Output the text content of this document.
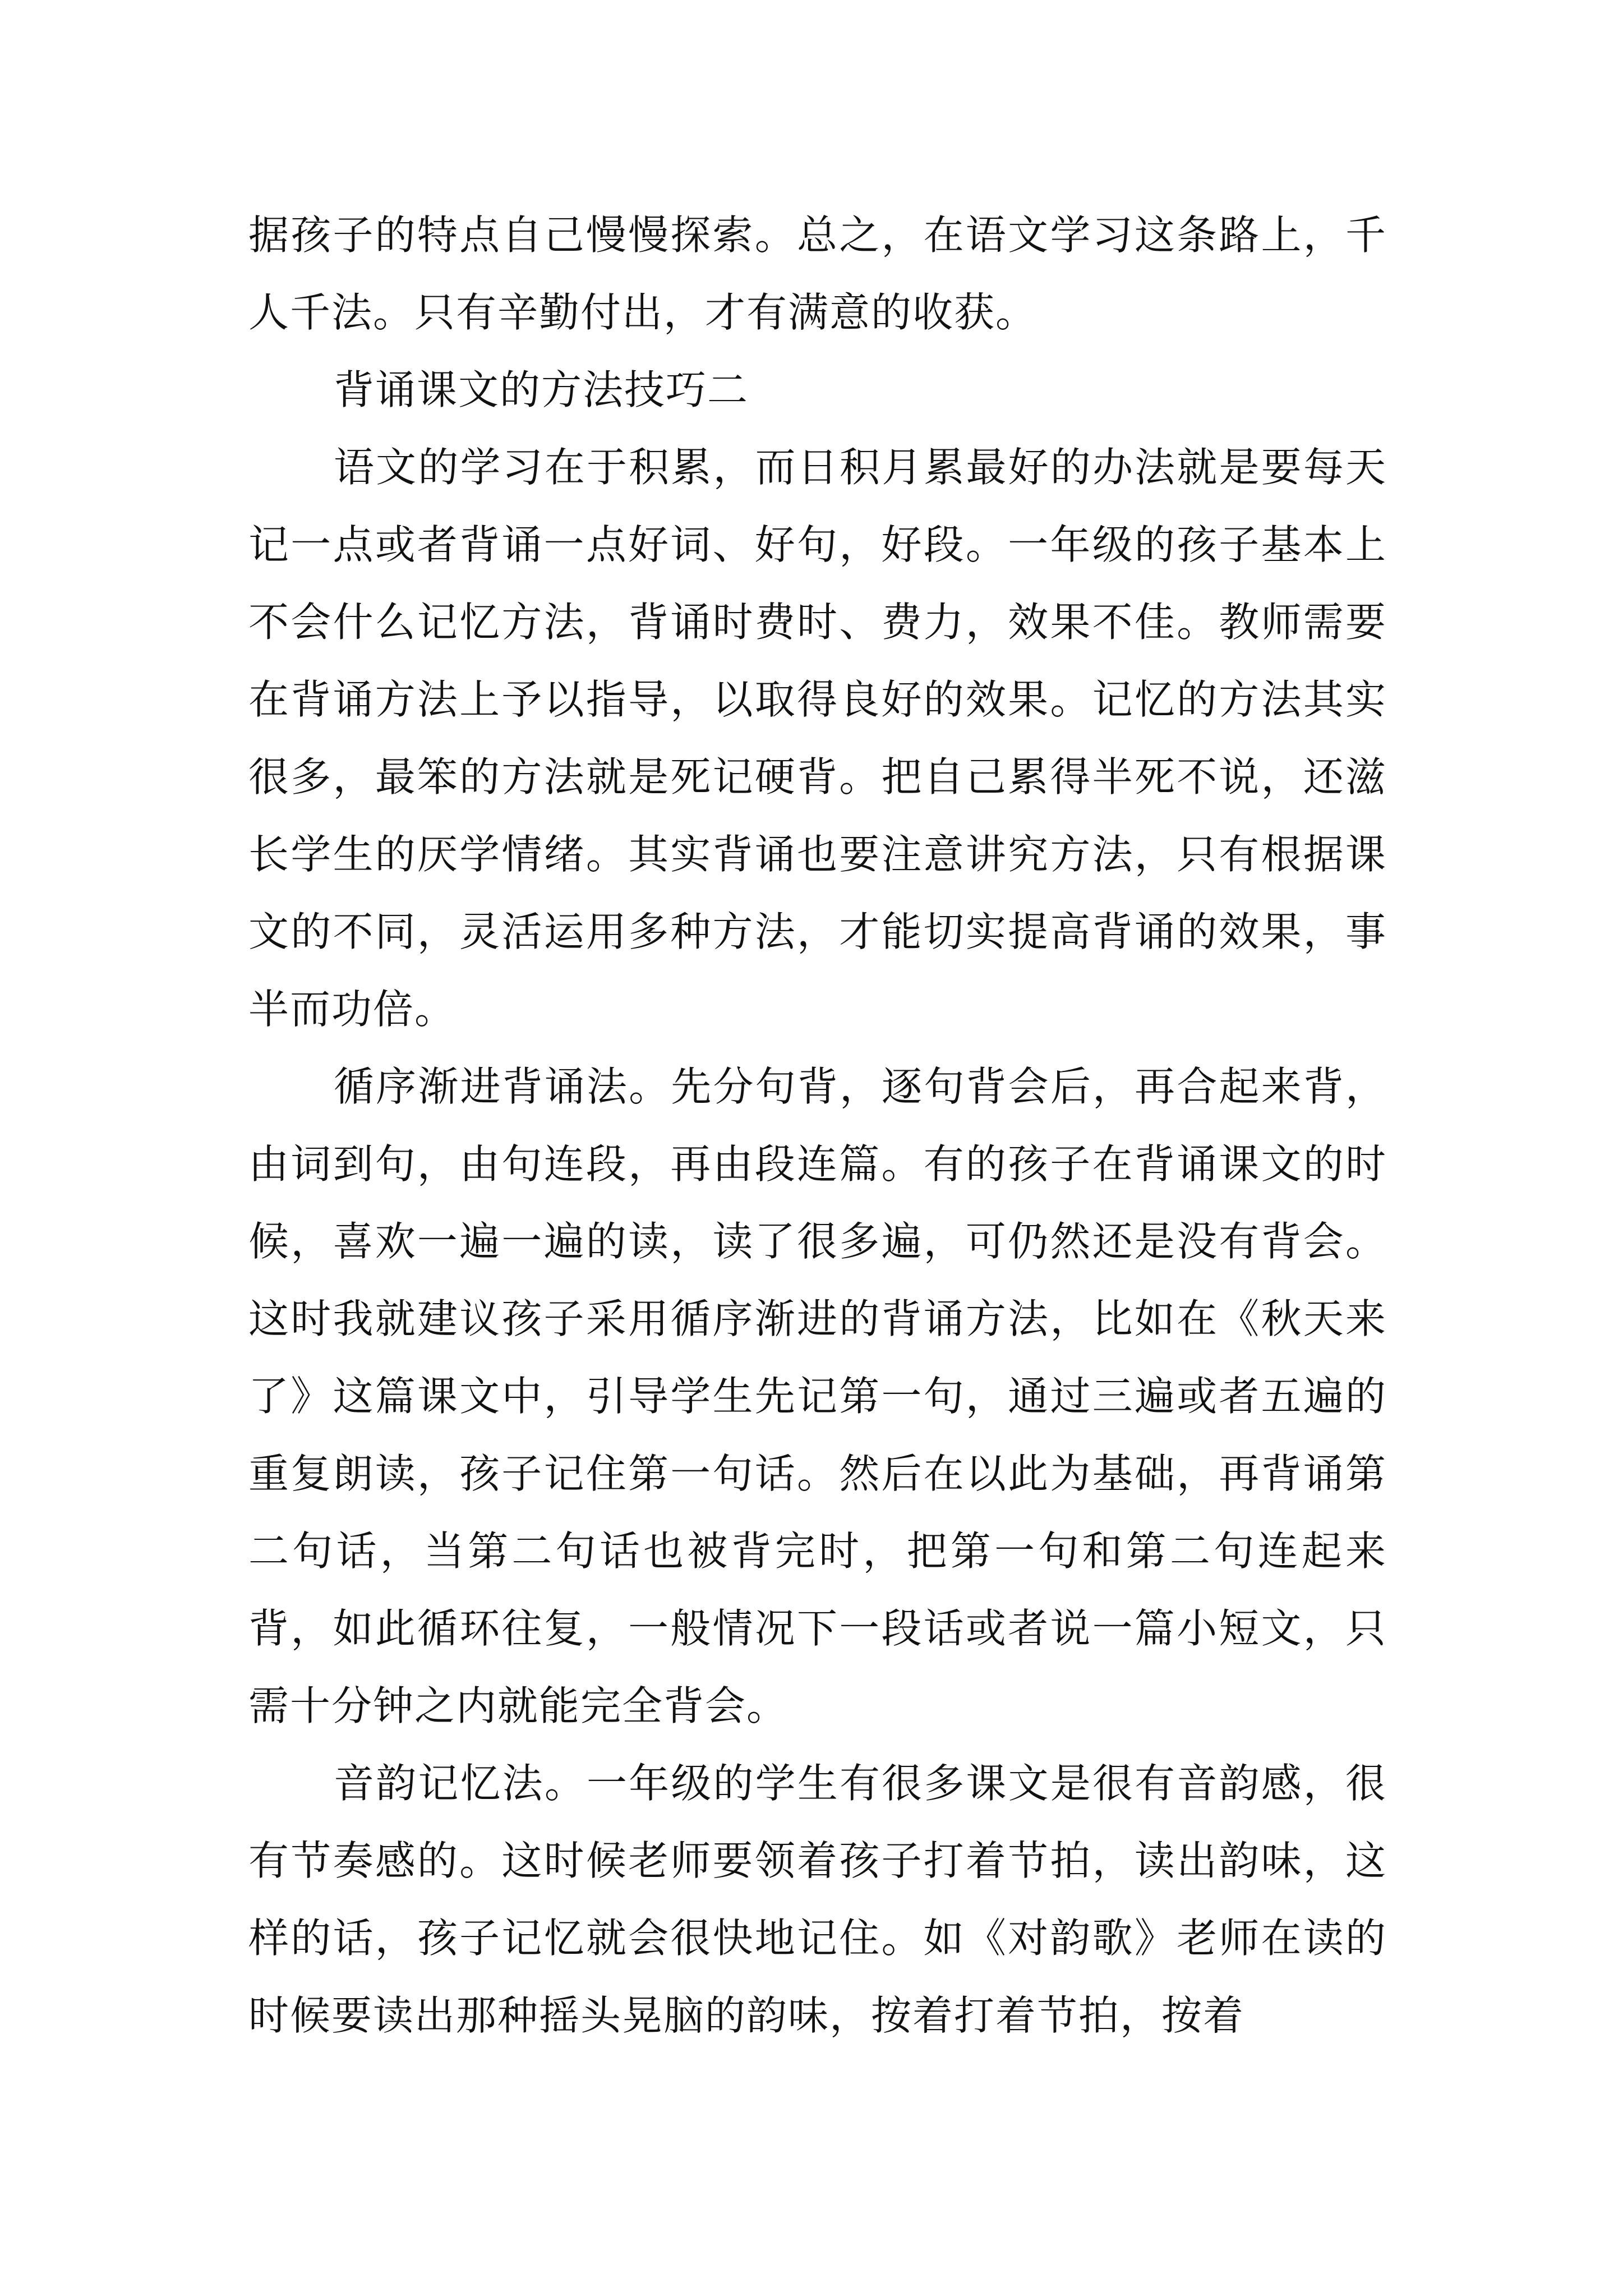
据孩子的特点自己慢慢探索。总之，在语文学习这条路上，千人千法。只有辛勤付出，才有满意的收获。

背诵课文的方法技巧二

语文的学习在于积累，而日积月累最好的办法就是要每天记一点或者背诵一点好词、好句，好段。一年级的孩子基本上不会什么记忆方法，背诵时费时、费力，效果不佳。教师需要在背诵方法上予以指导，以取得良好的效果。记忆的方法其实很多，最笨的方法就是死记硬背。把自己累得半死不说，还滋长学生的厌学情绪。其实背诵也要注意讲究方法，只有根据课文的不同，灵活运用多种方法，才能切实提高背诵的效果，事半而功倍。

循序渐进背诵法。先分句背，逐句背会后，再合起来背，由词到句，由句连段，再由段连篇。有的孩子在背诵课文的时候，喜欢一遍一遍的读，读了很多遍，可仍然还是没有背会。这时我就建议孩子采用循序渐进的背诵方法，比如在《秋天来了》这篇课文中，引导学生先记第一句，通过三遍或者五遍的重复朗读，孩子记住第一句话。然后在以此为基础，再背诵第二句话，当第二句话也被背完时，把第一句和第二句连起来背，如此循环往复，一般情况下一段话或者说一篇小短文，只需十分钟之内就能完全背会。

音韵记忆法。一年级的学生有很多课文是很有音韵感，很有节奏感的。这时候老师要领着孩子打着节拍，读出韵味，这样的话，孩子记忆就会很快地记住。如《对韵歌》老师在读的时候要读出那种摇头晃脑的韵味，按着打着节拍，按着
